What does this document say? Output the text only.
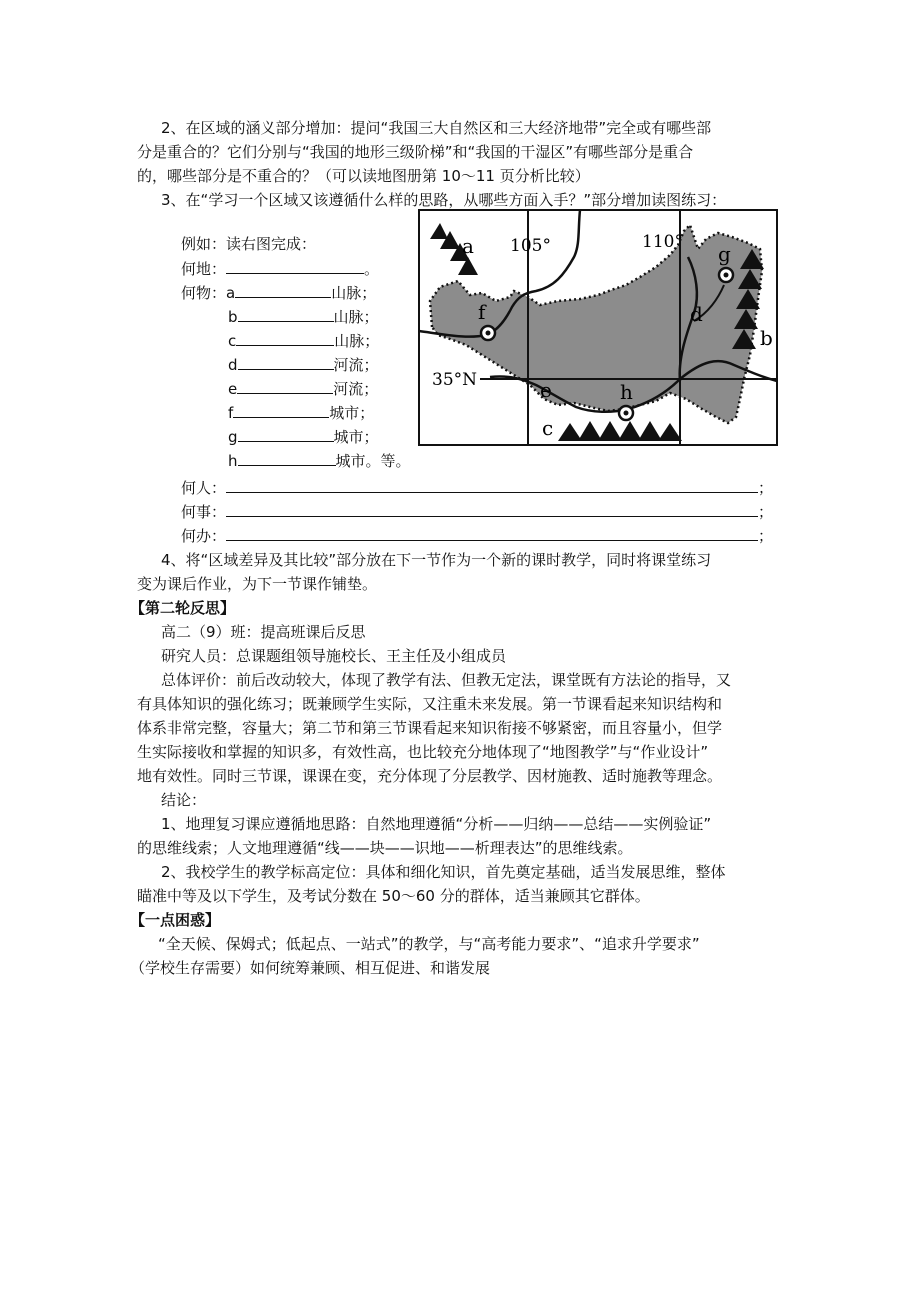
2、在区域的涵义部分增加：提问“我国三大自然区和三大经济地带”完全或有哪些部
分是重合的？它们分别与“我国的地形三级阶梯”和“我国的干湿区”有哪些部分是重合
的，哪些部分是不重合的？（可以读地图册第 10～11 页分析比较）
3、在“学习一个区域又该遵循什么样的思路，从哪些方面入手？”部分增加读图练习：
例如：读右图完成：
何地：	。
何物：a	山脉；
b	山脉；
c	山脉；
d	河流；
e	河流；
f	城市；
g	城市；
h	城市。等。
何人：	；
何事：	；
何办：	；
105°	110°
35°N
a
b
c
d
e
f
g
h
4、将“区域差异及其比较”部分放在下一节作为一个新的课时教学，同时将课堂练习
变为课后作业，为下一节课作铺垫。
【第二轮反思】
高二（9）班：提高班课后反思
研究人员：总课题组领导施校长、王主任及小组成员
总体评价：前后改动较大，体现了教学有法、但教无定法，课堂既有方法论的指导，又
有具体知识的强化练习；既兼顾学生实际，又注重未来发展。第一节课看起来知识结构和
体系非常完整，容量大；第二节和第三节课看起来知识衔接不够紧密，而且容量小，但学
生实际接收和掌握的知识多，有效性高，也比较充分地体现了“地图教学”与“作业设计”
地有效性。同时三节课，课课在变，充分体现了分层教学、因材施教、适时施教等理念。
结论：
1、地理复习课应遵循地思路：自然地理遵循“分析——归纳——总结——实例验证”
的思维线索；人文地理遵循“线——块——识地——析理表达”的思维线索。
2、我校学生的教学标高定位：具体和细化知识，首先奠定基础，适当发展思维，整体
瞄准中等及以下学生，及考试分数在 50～60 分的群体，适当兼顾其它群体。
【一点困惑】
“全天候、保姆式；低起点、一站式”的教学，与“高考能力要求”、“追求升学要求”
（学校生存需要）如何统筹兼顾、相互促进、和谐发展
